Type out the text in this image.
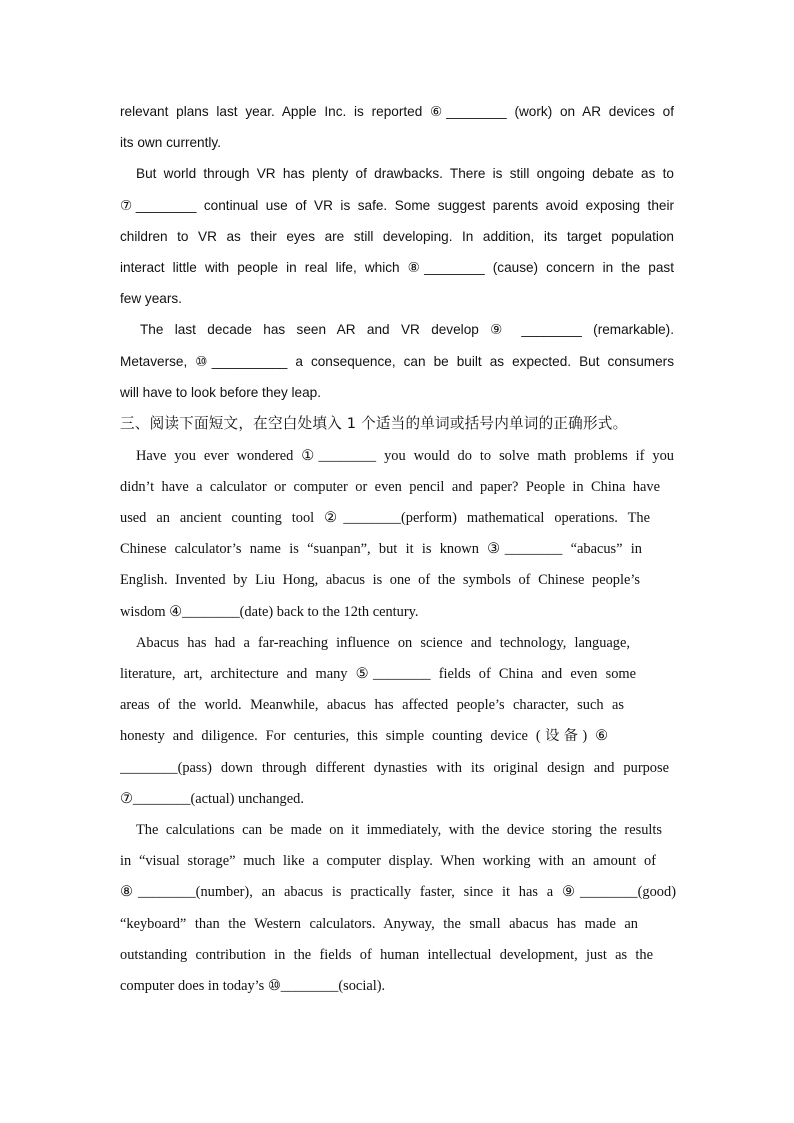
relevant plans last year. Apple Inc. is reported ⑥________ (work) on AR devices of
its own currently.
But world through VR has plenty of drawbacks. There is still ongoing debate as to
⑦________ continual use of VR is safe. Some suggest parents avoid exposing their
children to VR as their eyes are still developing. In addition, its target population
interact little with people in real life, which ⑧________ (cause) concern in the past
few years.
The last decade has seen AR and VR develop ⑨ ________ (remarkable).
Metaverse, ⑩__________ a consequence, can be built as expected. But consumers
will have to look before they leap.
三、阅读下面短文，在空白处填入 1 个适当的单词或括号内单词的正确形式。
Have you ever wondered ①________ you would do to solve math problems if you
didn’t have a calculator or computer or even pencil and paper? People in China have
used an ancient counting tool ②________(perform) mathematical operations. The
Chinese calculator’s name is “suanpan”, but it is known ③________ “abacus” in
English. Invented by Liu Hong, abacus is one of the symbols of Chinese people’s
wisdom ④________(date) back to the 12th century.
Abacus has had a far-reaching influence on science and technology, language,
literature, art, architecture and many ⑤________ fields of China and even some
areas of the world. Meanwhile, abacus has affected people’s character, such as
honesty and diligence. For centuries, this simple counting device (设备) ⑥
________(pass) down through different dynasties with its original design and purpose
⑦________(actual) unchanged.
The calculations can be made on it immediately, with the device storing the results
in “visual storage” much like a computer display. When working with an amount of
⑧________(number), an abacus is practically faster, since it has a ⑨________(good)
“keyboard” than the Western calculators. Anyway, the small abacus has made an
outstanding contribution in the fields of human intellectual development, just as the
computer does in today’s ⑩________(social).
